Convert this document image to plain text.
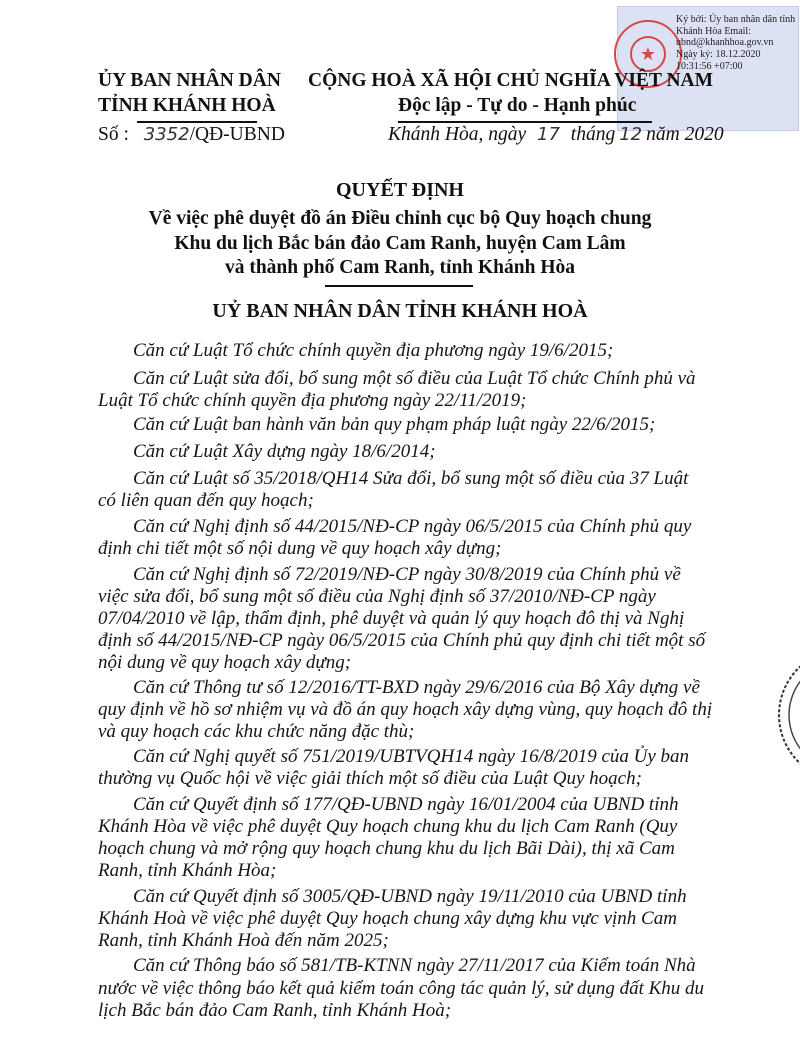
★
Ký bởi: Ủy ban nhân dân tỉnh Khánh Hòa Email: ubnd@khanhhoa.gov.vn Ngày ký: 18.12.2020 10:31:56 +07:00
ỦY BAN NHÂN DÂN
TỈNH KHÁNH HOÀ
CỘNG HOÀ XÃ HỘI CHỦ NGHĨA VIỆT NAM
Độc lập - Tự do - Hạnh phúc
Số : 3352/QĐ-UBND	Khánh Hòa, ngày 17 tháng 12 năm 2020
QUYẾT ĐỊNH
Về việc phê duyệt đồ án Điều chỉnh cục bộ Quy hoạch chung
Khu du lịch Bắc bán đảo Cam Ranh, huyện Cam Lâm
và thành phố Cam Ranh, tỉnh Khánh Hòa
UỶ BAN NHÂN DÂN TỈNH KHÁNH HOÀ
Căn cứ Luật Tổ chức chính quyền địa phương ngày 19/6/2015;
Căn cứ Luật sửa đổi, bổ sung một số điều của Luật Tổ chức Chính phủ và
Luật Tổ chức chính quyền địa phương ngày 22/11/2019;
Căn cứ Luật ban hành văn bản quy phạm pháp luật ngày 22/6/2015;
Căn cứ Luật Xây dựng ngày 18/6/2014;
Căn cứ Luật số 35/2018/QH14 Sửa đổi, bổ sung một số điều của 37 Luật
có liên quan đến quy hoạch;
Căn cứ Nghị định số 44/2015/NĐ-CP ngày 06/5/2015 của Chính phủ quy
định chi tiết một số nội dung về quy hoạch xây dựng;
Căn cứ Nghị định số 72/2019/NĐ-CP ngày 30/8/2019 của Chính phủ về
việc sửa đổi, bổ sung một số điều của Nghị định số 37/2010/NĐ-CP ngày
07/04/2010 về lập, thẩm định, phê duyệt và quản lý quy hoạch đô thị và Nghị
định số 44/2015/NĐ-CP ngày 06/5/2015 của Chính phủ quy định chi tiết một số
nội dung về quy hoạch xây dựng;
Căn cứ Thông tư số 12/2016/TT-BXD ngày 29/6/2016 của Bộ Xây dựng về
quy định về hồ sơ nhiệm vụ và đồ án quy hoạch xây dựng vùng, quy hoạch đô thị
và quy hoạch các khu chức năng đặc thù;
Căn cứ Nghị quyết số 751/2019/UBTVQH14 ngày 16/8/2019 của Ủy ban
thường vụ Quốc hội về việc giải thích một số điều của Luật Quy hoạch;
Căn cứ Quyết định số 177/QĐ-UBND ngày 16/01/2004 của UBND tỉnh
Khánh Hòa về việc phê duyệt Quy hoạch chung khu du lịch Cam Ranh (Quy
hoạch chung và mở rộng quy hoạch chung khu du lịch Bãi Dài), thị xã Cam
Ranh, tỉnh Khánh Hòa;
Căn cứ Quyết định số 3005/QĐ-UBND ngày 19/11/2010 của UBND tỉnh
Khánh Hoà về việc phê duyệt Quy hoạch chung xây dựng khu vực vịnh Cam
Ranh, tỉnh Khánh Hoà đến năm 2025;
Căn cứ Thông báo số 581/TB-KTNN ngày 27/11/2017 của Kiểm toán Nhà
nước về việc thông báo kết quả kiểm toán công tác quản lý, sử dụng đất Khu du
lịch Bắc bán đảo Cam Ranh, tỉnh Khánh Hoà;
